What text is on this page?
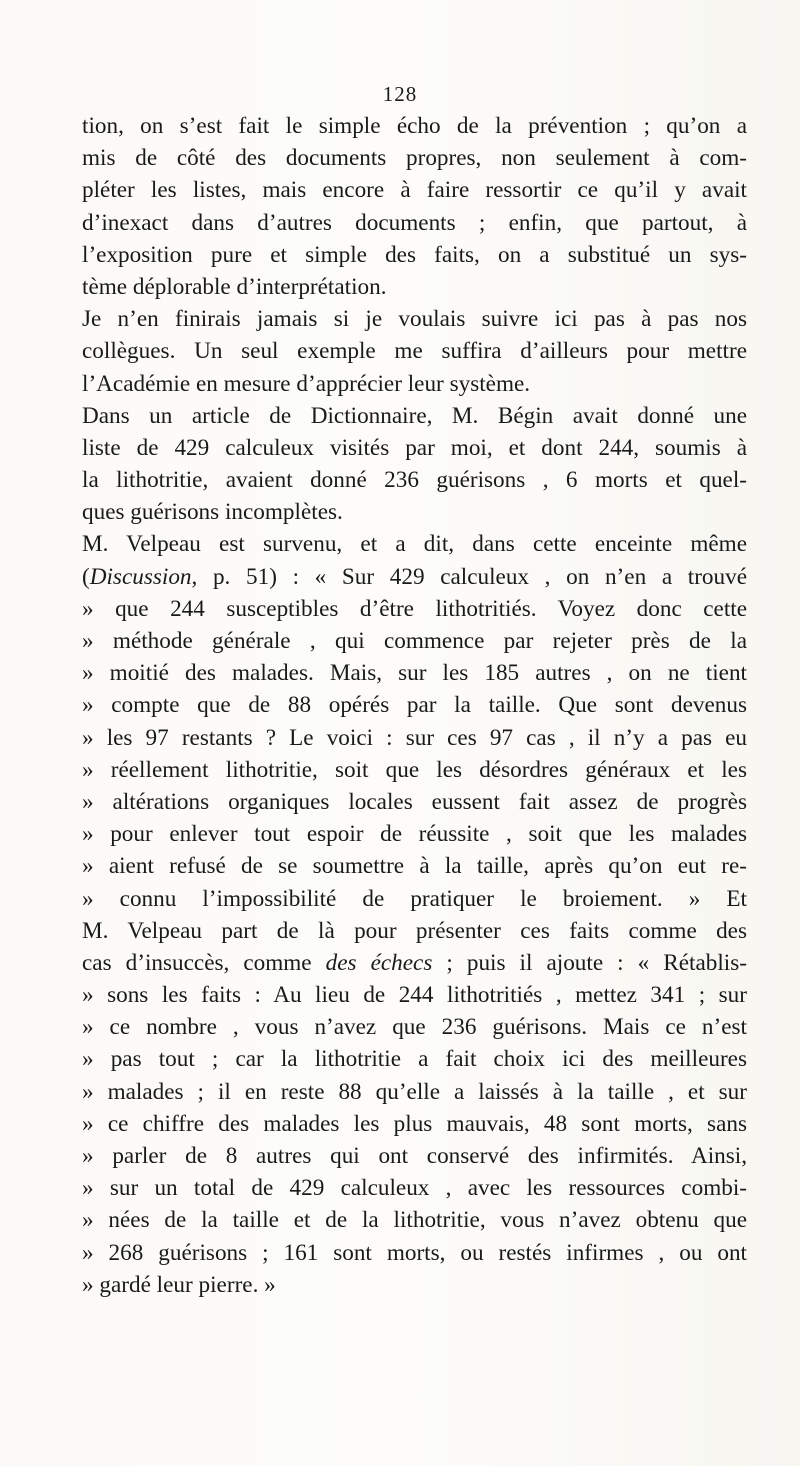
128
tion, on s’est fait le simple écho de la prévention ; qu’on a
mis de côté des documents propres, non seulement à com-
pléter les listes, mais encore à faire ressortir ce qu’il y avait
d’inexact dans d’autres documents ; enfin, que partout, à
l’exposition pure et simple des faits, on a substitué un sys-
tème déplorable d’interprétation.
Je n’en finirais jamais si je voulais suivre ici pas à pas nos
collègues. Un seul exemple me suffira d’ailleurs pour mettre
l’Académie en mesure d’apprécier leur système.
Dans un article de Dictionnaire, M. Bégin avait donné une
liste de 429 calculeux visités par moi, et dont 244, soumis à
la lithotritie, avaient donné 236 guérisons , 6 morts et quel-
ques guérisons incomplètes.
M. Velpeau est survenu, et a dit, dans cette enceinte même
(Discussion, p. 51) : « Sur 429 calculeux , on n’en a trouvé
» que 244 susceptibles d’être lithotritiés. Voyez donc cette
» méthode générale , qui commence par rejeter près de la
» moitié des malades. Mais, sur les 185 autres , on ne tient
» compte que de 88 opérés par la taille. Que sont devenus
» les 97 restants ? Le voici : sur ces 97 cas , il n’y a pas eu
» réellement lithotritie, soit que les désordres généraux et les
» altérations organiques locales eussent fait assez de progrès
» pour enlever tout espoir de réussite , soit que les malades
» aient refusé de se soumettre à la taille, après qu’on eut re-
» connu l’impossibilité de pratiquer le broiement. » Et
M. Velpeau part de là pour présenter ces faits comme des
cas d’insuccès, comme des échecs ; puis il ajoute : « Rétablis-
» sons les faits : Au lieu de 244 lithotritiés , mettez 341 ; sur
» ce nombre , vous n’avez que 236 guérisons. Mais ce n’est
» pas tout ; car la lithotritie a fait choix ici des meilleures
» malades ; il en reste 88 qu’elle a laissés à la taille , et sur
» ce chiffre des malades les plus mauvais, 48 sont morts, sans
» parler de 8 autres qui ont conservé des infirmités. Ainsi,
» sur un total de 429 calculeux , avec les ressources combi-
» nées de la taille et de la lithotritie, vous n’avez obtenu que
» 268 guérisons ; 161 sont morts, ou restés infirmes , ou ont
» gardé leur pierre. »
